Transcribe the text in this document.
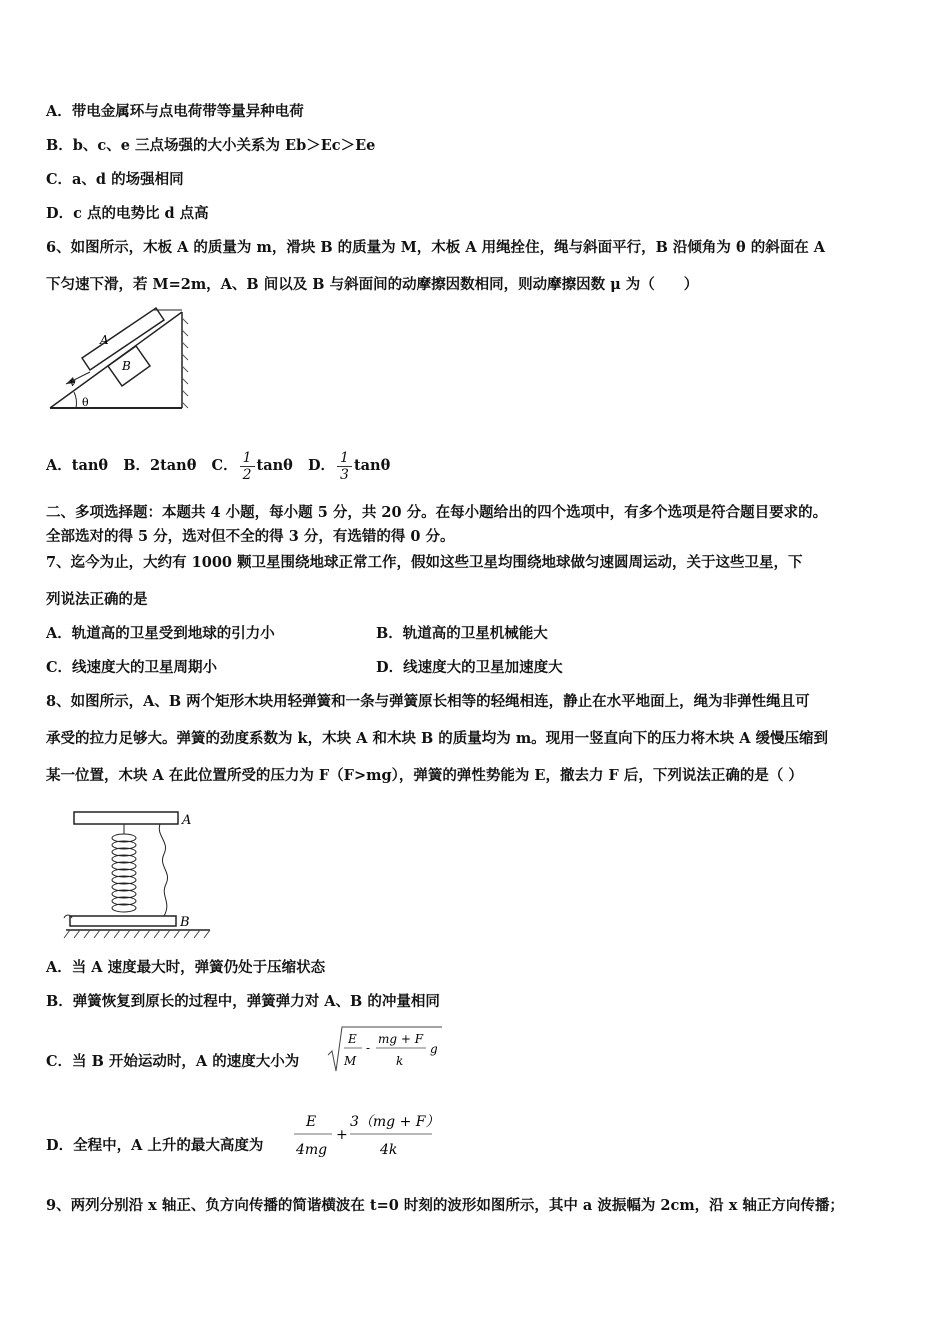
A．带电金属环与点电荷带等量异种电荷
B．b、c、e 三点场强的大小关系为 Eb＞Ec＞Ee
C．a、d 的场强相同
D．c 点的电势比 d 点高
6、如图所示，木板 A 的质量为 m，滑块 B 的质量为 M，木板 A 用绳拴住，绳与斜面平行，B 沿倾角为 θ 的斜面在 A
下匀速下滑，若 M=2m，A、B 间以及 B 与斜面间的动摩擦因数相同，则动摩擦因数 μ 为（　　）
A
B
v
θ
A．tanθ B．2tanθ C． $\frac{1}{2}$ tanθ D． $\frac{1}{3}$ tanθ
二、多项选择题：本题共 4 小题，每小题 5 分，共 20 分。在每小题给出的四个选项中，有多个选项是符合题目要求的。
全部选对的得 5 分，选对但不全的得 3 分，有选错的得 0 分。
7、迄今为止，大约有 1000 颗卫星围绕地球正常工作，假如这些卫星均围绕地球做匀速圆周运动，关于这些卫星，下
列说法正确的是
A．轨道高的卫星受到地球的引力小	B．轨道高的卫星机械能大
C．线速度大的卫星周期小	D．线速度大的卫星加速度大
8、如图所示，A、B 两个矩形木块用轻弹簧和一条与弹簧原长相等的轻绳相连，静止在水平地面上，绳为非弹性绳且可
承受的拉力足够大。弹簧的劲度系数为 k，木块 A 和木块 B 的质量均为 m。现用一竖直向下的压力将木块 A 缓慢压缩到
某一位置，木块 A 在此位置所受的压力为 F（F>mg），弹簧的弹性势能为 E，撤去力 F 后，下列说法正确的是（ ）
A
B
A．当 A 速度最大时，弹簧仍处于压缩状态
B．弹簧恢复到原长的过程中，弹簧弹力对 A、B 的冲量相同
C．当 B 开始运动时，A 的速度大小为
E
M
-
mg + F
k
g
D．全程中，A 上升的最大高度为
E
4mg
+
3（mg + F）
4k
9、两列分别沿 x 轴正、负方向传播的简谐横波在 t=0 时刻的波形如图所示，其中 a 波振幅为 2cm，沿 x 轴正方向传播；
